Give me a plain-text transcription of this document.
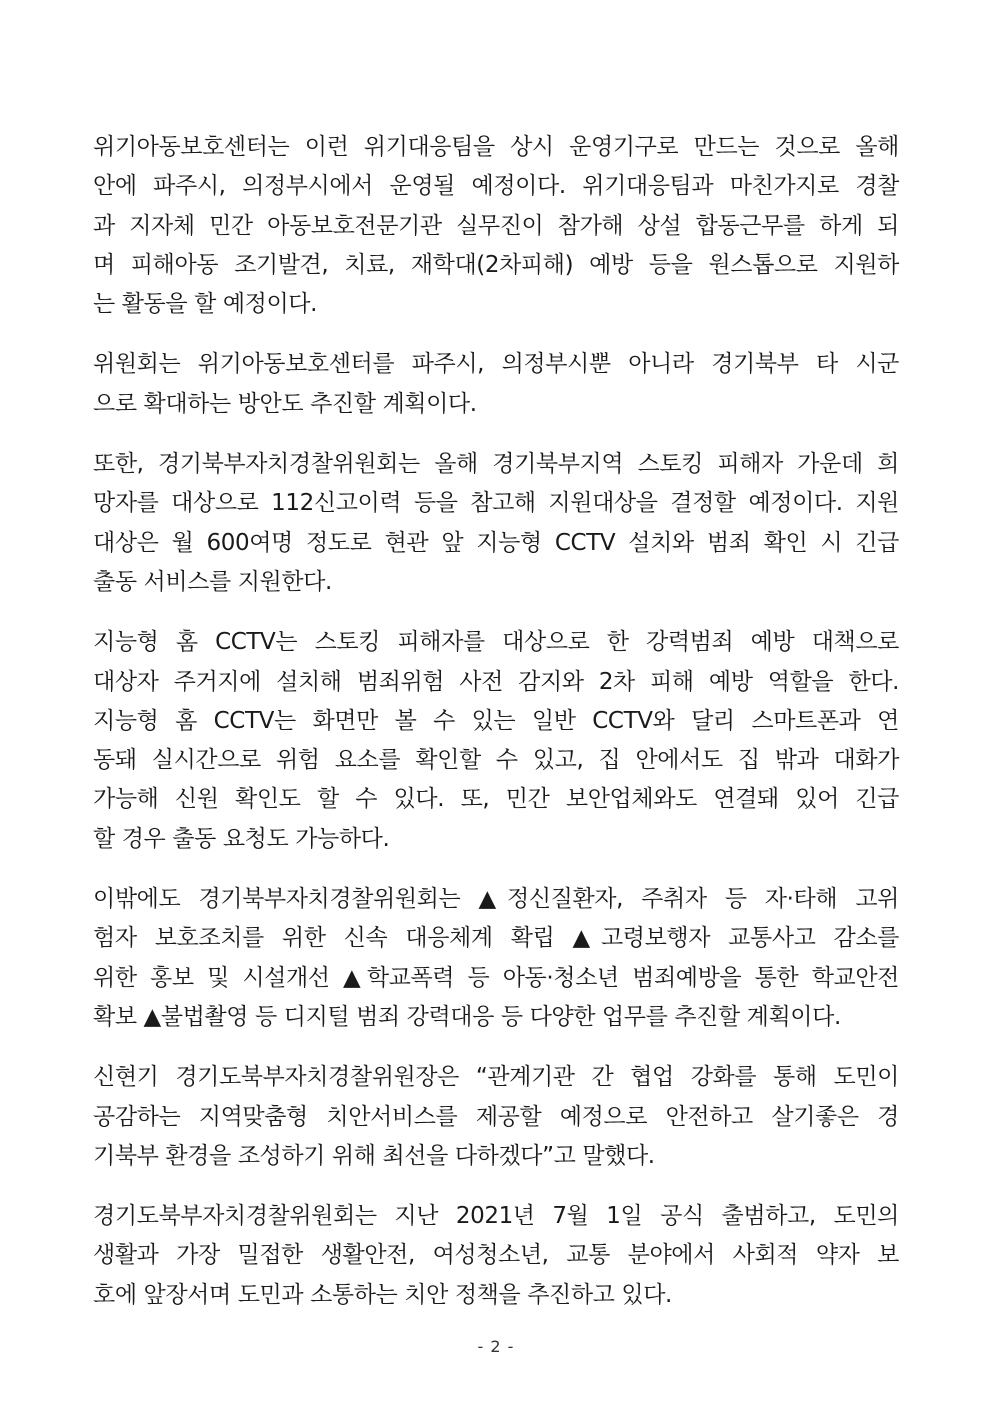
위기아동보호센터는 이런 위기대응팀을 상시 운영기구로 만드는 것으로 올해
안에 파주시, 의정부시에서 운영될 예정이다. 위기대응팀과 마친가지로 경찰
과 지자체 민간 아동보호전문기관 실무진이 참가해 상설 합동근무를 하게 되
며 피해아동 조기발견, 치료, 재학대(2차피해) 예방 등을 원스톱으로 지원하
는 활동을 할 예정이다.

위원회는 위기아동보호센터를 파주시, 의정부시뿐 아니라 경기북부 타 시군
으로 확대하는 방안도 추진할 계획이다.

또한, 경기북부자치경찰위원회는 올해 경기북부지역 스토킹 피해자 가운데 희
망자를 대상으로 112신고이력 등을 참고해 지원대상을 결정할 예정이다. 지원
대상은 월 600여명 정도로 현관 앞 지능형 CCTV 설치와 범죄 확인 시 긴급
출동 서비스를 지원한다.

지능형 홈 CCTV는 스토킹 피해자를 대상으로 한 강력범죄 예방 대책으로
대상자 주거지에 설치해 범죄위험 사전 감지와 2차 피해 예방 역할을 한다.
지능형 홈 CCTV는 화면만 볼 수 있는 일반 CCTV와 달리 스마트폰과 연
동돼 실시간으로 위험 요소를 확인할 수 있고, 집 안에서도 집 밖과 대화가
가능해 신원 확인도 할 수 있다. 또, 민간 보안업체와도 연결돼 있어 긴급
할 경우 출동 요청도 가능하다.

이밖에도 경기북부자치경찰위원회는 ▲정신질환자, 주취자 등 자·타해 고위
험자 보호조치를 위한 신속 대응체계 확립 ▲고령보행자 교통사고 감소를
위한 홍보 및 시설개선 ▲학교폭력 등 아동·청소년 범죄예방을 통한 학교안전
확보 ▲불법촬영 등 디지털 범죄 강력대응 등 다양한 업무를 추진할 계획이다.

신현기 경기도북부자치경찰위원장은 “관계기관 간 협업 강화를 통해 도민이
공감하는 지역맞춤형 치안서비스를 제공할 예정으로 안전하고 살기좋은 경
기북부 환경을 조성하기 위해 최선을 다하겠다”고 말했다.

경기도북부자치경찰위원회는 지난 2021년 7월 1일 공식 출범하고, 도민의
생활과 가장 밀접한 생활안전, 여성청소년, 교통 분야에서 사회적 약자 보
호에 앞장서며 도민과 소통하는 치안 정책을 추진하고 있다.

- 2 -
